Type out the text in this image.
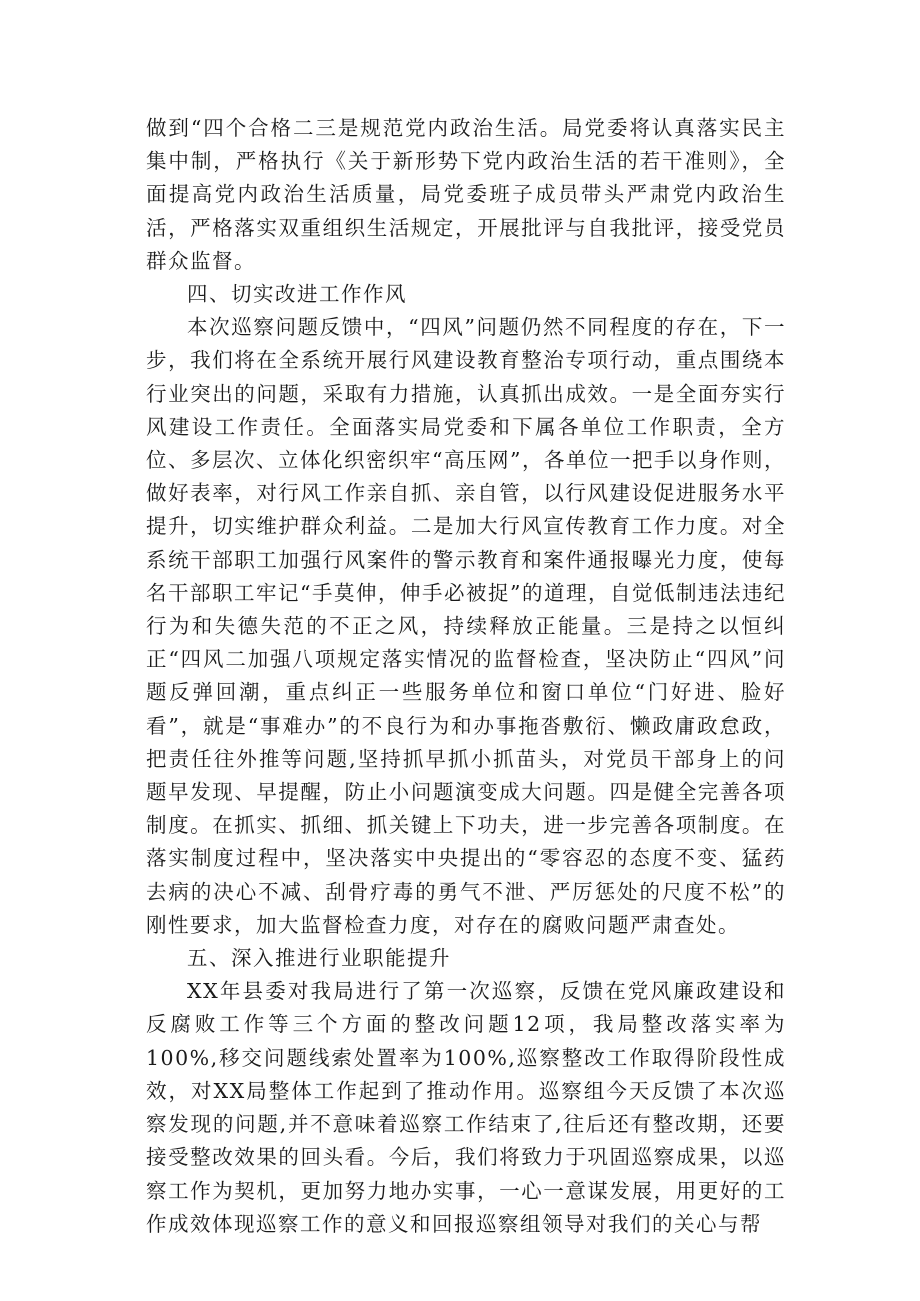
做到“四个合格二三是规范党内政治生活。局党委将认真落实民主集中制，严格执行《关于新形势下党内政治生活的若干准则》，全面提高党内政治生活质量，局党委班子成员带头严肃党内政治生活，严格落实双重组织生活规定，开展批评与自我批评，接受党员群众监督。

四、切实改进工作作风

本次巡察问题反馈中，“四风”问题仍然不同程度的存在，下一步，我们将在全系统开展行风建设教育整治专项行动，重点围绕本行业突出的问题，采取有力措施，认真抓出成效。一是全面夯实行风建设工作责任。全面落实局党委和下属各单位工作职责，全方位、多层次、立体化织密织牢“高压网”，各单位一把手以身作则，做好表率，对行风工作亲自抓、亲自管，以行风建设促进服务水平提升，切实维护群众利益。二是加大行风宣传教育工作力度。对全系统干部职工加强行风案件的警示教育和案件通报曝光力度，使每名干部职工牢记“手莫伸，伸手必被捉”的道理，自觉低制违法违纪行为和失德失范的不正之风，持续释放正能量。三是持之以恒纠正“四风二加强八项规定落实情况的监督检查，坚决防止“四风”问题反弹回潮，重点纠正一些服务单位和窗口单位“门好进、脸好看”，就是“事难办”的不良行为和办事拖沓敷衍、懒政庸政怠政，把责任往外推等问题,坚持抓早抓小抓苗头，对党员干部身上的问题早发现、早提醒，防止小问题演变成大问题。四是健全完善各项制度。在抓实、抓细、抓关键上下功夫，进一步完善各项制度。在落实制度过程中，坚决落实中央提出的“零容忍的态度不变、猛药去病的决心不减、刮骨疗毒的勇气不泄、严厉惩处的尺度不松”的刚性要求，加大监督检查力度，对存在的腐败问题严肃查处。

五、深入推进行业职能提升

XX年县委对我局进行了第一次巡察，反馈在党风廉政建设和反腐败工作等三个方面的整改问题12项，我局整改落实率为100%,移交问题线索处置率为100%,巡察整改工作取得阶段性成效，对XX局整体工作起到了推动作用。巡察组今天反馈了本次巡察发现的问题,并不意味着巡察工作结束了,往后还有整改期，还要接受整改效果的回头看。今后，我们将致力于巩固巡察成果，以巡察工作为契机，更加努力地办实事，一心一意谋发展，用更好的工作成效体现巡察工作的意义和回报巡察组领导对我们的关心与帮
